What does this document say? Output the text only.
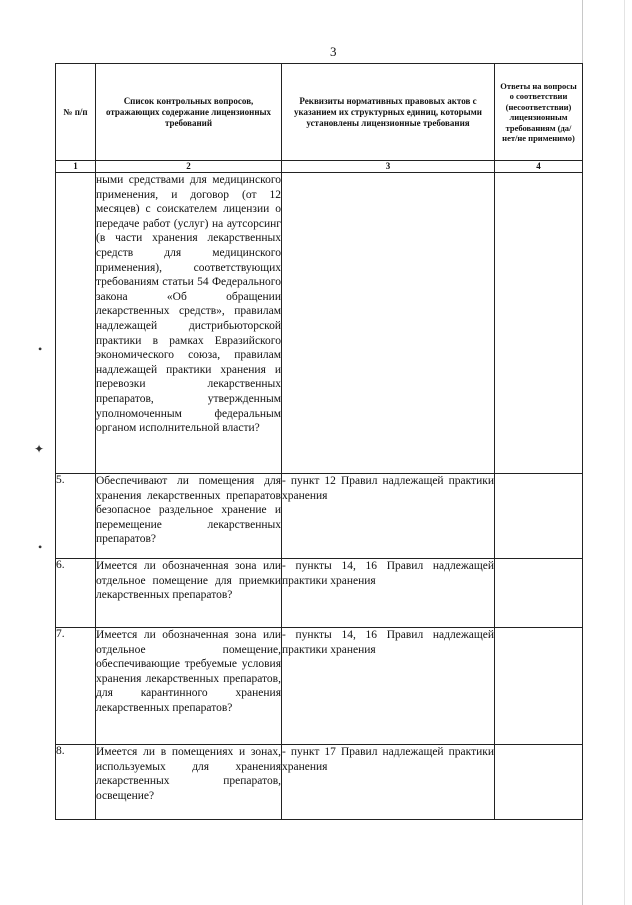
•
✦
•
3
№ п/п	Список контрольных вопросов, отражающих содержание лицензионных требований	Реквизиты нормативных правовых актов с указанием их структурных единиц, которыми установлены лицензионные требования	Ответы на вопросы о соответствии (несоответствии) лицензионным требованиям (да/нет/не применимо)
1	2	3	4
	ными средствами для медицинского применения, и договор (от 12 месяцев) с соискателем лицензии о передаче работ (услуг) на аутсорсинг (в части хранения лекарственных средств для медицинского применения), соответствующих требованиям статьи 54 Федерального закона «Об обращении лекарственных средств», правилам надлежащей дистрибьюторской практики в рамках Евразийского экономического союза, правилам надлежащей практики хранения и перевозки лекарственных препаратов, утвержденным уполномоченным федеральным органом исполнительной власти?		
5.	Обеспечивают ли помещения для хранения лекарственных препаратов безопасное раздельное хранение и перемещение лекарственных препаратов?	- пункт 12 Правил надлежащей практики хранения	
6.	Имеется ли обозначенная зона или отдельное помещение для приемки лекарственных препаратов?	- пункты 14, 16 Правил надлежащей практики хранения	
7.	Имеется ли обозначенная зона или отдельное помещение, обеспечивающие требуемые условия хранения лекарственных препаратов, для карантинного хранения лекарственных препаратов?	- пункты 14, 16 Правил надлежащей практики хранения	
8.	Имеется ли в помещениях и зонах, используемых для хранения лекарственных препаратов, освещение?	- пункт 17 Правил надлежащей практики хранения	
